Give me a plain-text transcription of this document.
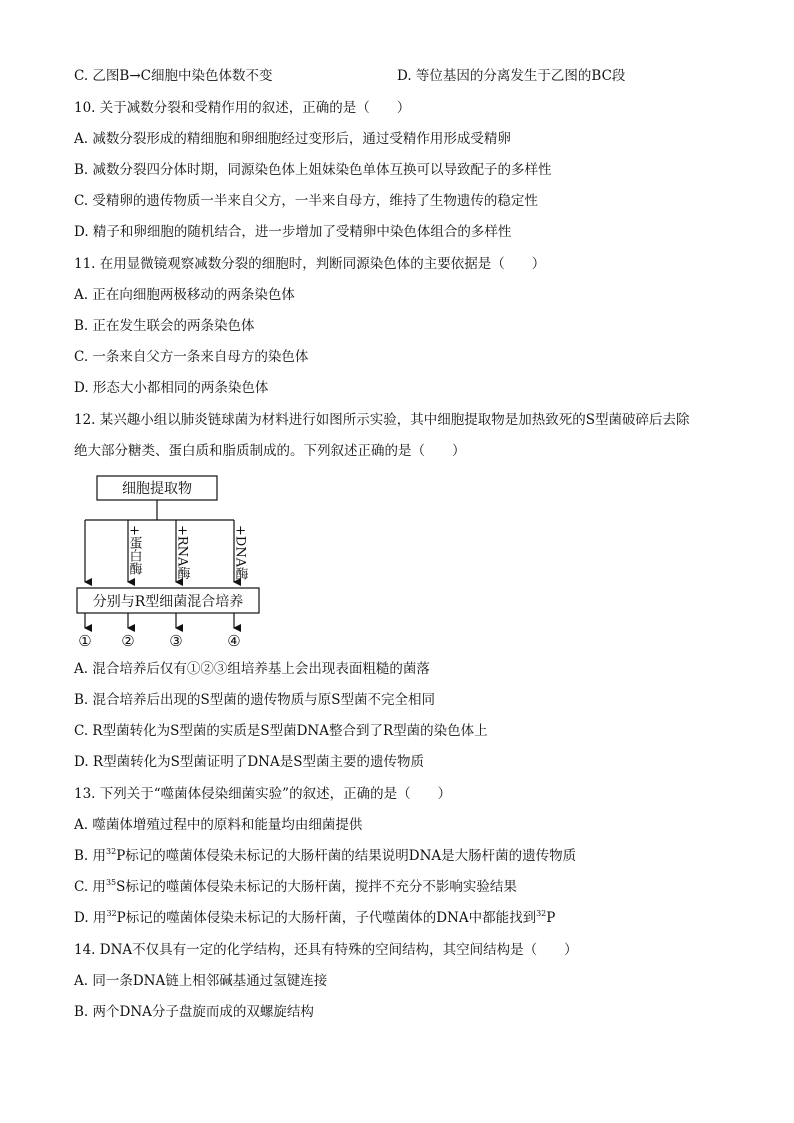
C. 乙图B→C细胞中染色体数不变	D. 等位基因的分离发生于乙图的BC段
10. 关于减数分裂和受精作用的叙述，正确的是（　　）
A. 减数分裂形成的精细胞和卵细胞经过变形后，通过受精作用形成受精卵
B. 减数分裂四分体时期，同源染色体上姐妹染色单体互换可以导致配子的多样性
C. 受精卵的遗传物质一半来自父方，一半来自母方，维持了生物遗传的稳定性
D. 精子和卵细胞的随机结合，进一步增加了受精卵中染色体组合的多样性
11. 在用显微镜观察减数分裂的细胞时，判断同源染色体的主要依据是（　　）
A. 正在向细胞两极移动的两条染色体
B. 正在发生联会的两条染色体
C. 一条来自父方一条来自母方的染色体
D. 形态大小都相同的两条染色体
12. 某兴趣小组以肺炎链球菌为材料进行如图所示实验，其中细胞提取物是加热致死的S型菌破碎后去除
绝大部分糖类、蛋白质和脂质制成的。下列叙述正确的是（　　）
细胞提取物
+蛋白酶	+RNA酶	+DNA酶
分别与R型细菌混合培养
① ② ③	④
A. 混合培养后仅有①②③组培养基上会出现表面粗糙的菌落
B. 混合培养后出现的S型菌的遗传物质与原S型菌不完全相同
C. R型菌转化为S型菌的实质是S型菌DNA整合到了R型菌的染色体上
D. R型菌转化为S型菌证明了DNA是S型菌主要的遗传物质
13. 下列关于“噬菌体侵染细菌实验”的叙述，正确的是（　　）
A. 噬菌体增殖过程中的原料和能量均由细菌提供
B. 用$^{32}$P标记的噬菌体侵染未标记的大肠杆菌的结果说明DNA是大肠杆菌的遗传物质
C. 用$^{35}$S标记的噬菌体侵染未标记的大肠杆菌，搅拌不充分不影响实验结果
D. 用$^{32}$P标记的噬菌体侵染未标记的大肠杆菌，子代噬菌体的DNA中都能找到$^{32}$P
14. DNA不仅具有一定的化学结构，还具有特殊的空间结构，其空间结构是（　　）
A. 同一条DNA链上相邻碱基通过氢键连接
B. 两个DNA分子盘旋而成的双螺旋结构
